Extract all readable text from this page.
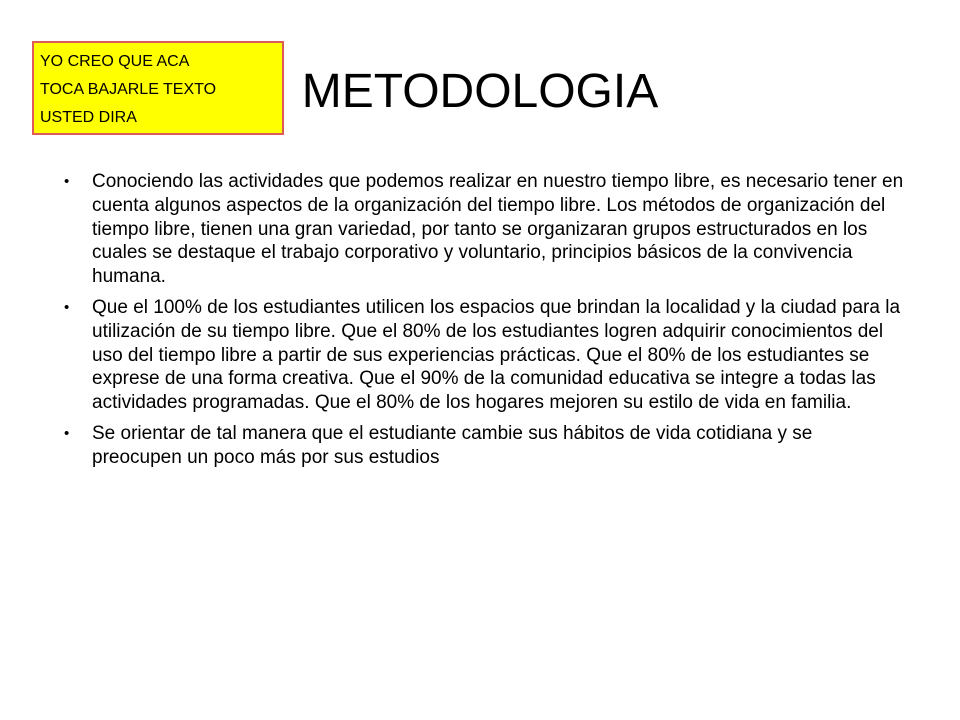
METODOLOGIA
YO CREO QUE ACA
TOCA BAJARLE TEXTO
USTED DIRA
• Conociendo las actividades que podemos realizar en nuestro tiempo libre, es necesario tener en cuenta algunos aspectos de la organización del tiempo libre. Los métodos de organización del tiempo libre, tienen una gran variedad, por tanto se organizaran grupos estructurados en los cuales se destaque el trabajo corporativo y voluntario, principios básicos de la convivencia humana.
• Que el 100% de los estudiantes utilicen los espacios que brindan la localidad y la ciudad para la utilización de su tiempo libre. Que el 80% de los estudiantes logren adquirir conocimientos del uso del tiempo libre a partir de sus experiencias prácticas. Que el 80% de los estudiantes se exprese de una forma creativa. Que el 90% de la comunidad educativa se integre a todas las actividades programadas. Que el 80% de los hogares mejoren su estilo de vida en familia.
• Se orientar de tal manera que el estudiante cambie sus hábitos de vida cotidiana y se preocupen un poco más por sus estudios
